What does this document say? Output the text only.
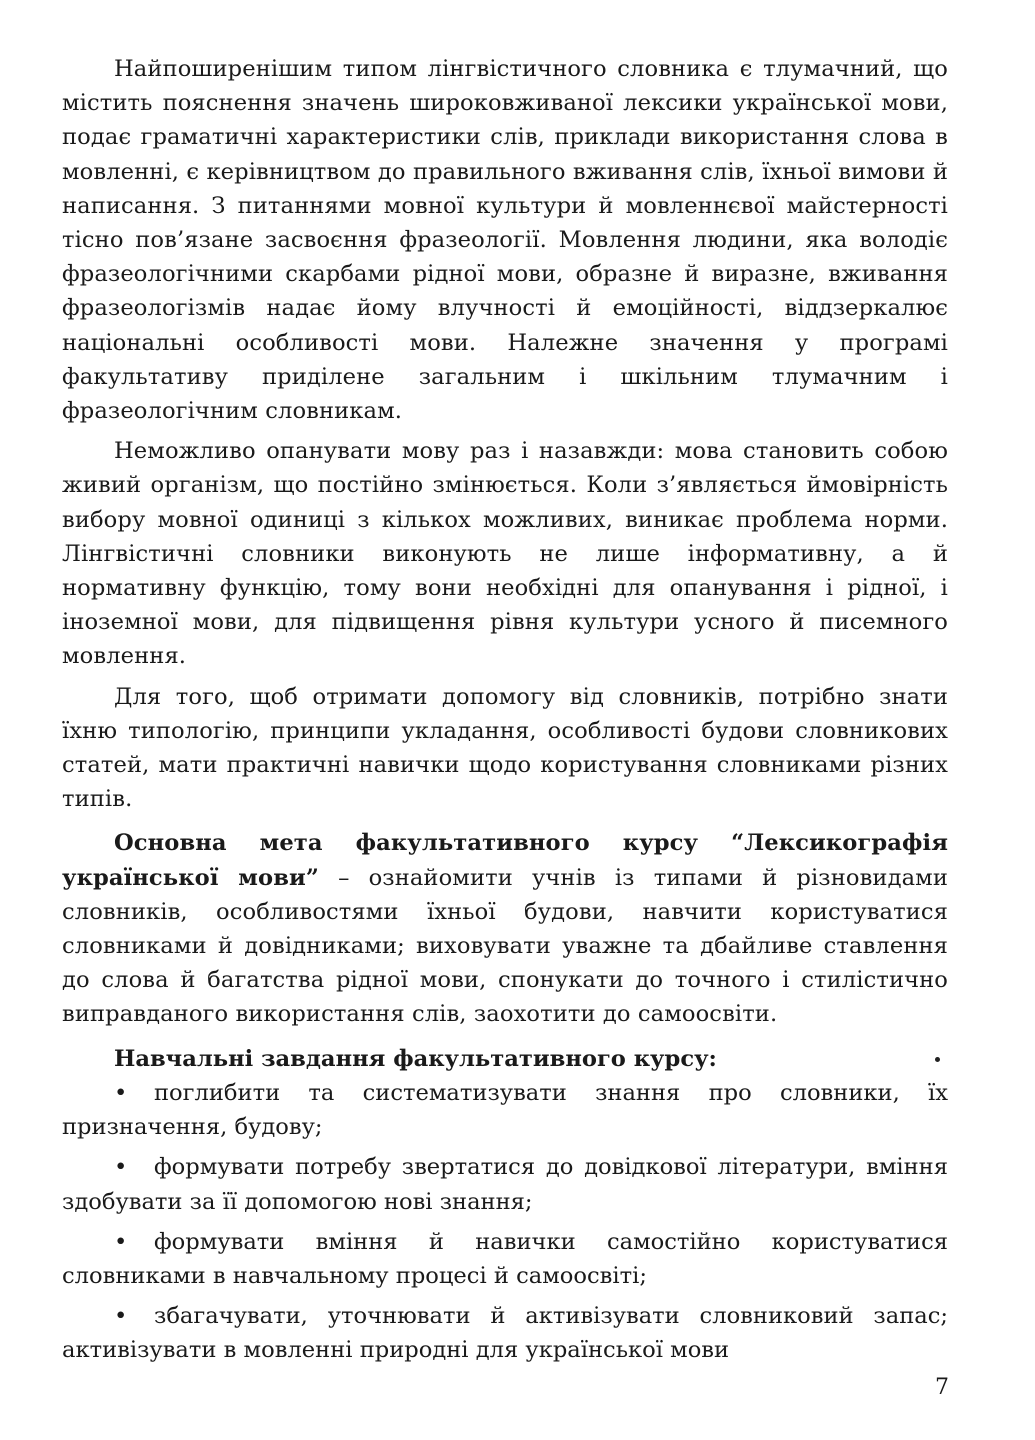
Найпоширенішим типом лінгвістичного словника є тлумачний, що містить пояснення значень широковживаної лексики української мови, подає граматичні характеристики слів, приклади використання слова в мовленні, є керівництвом до правильного вживання слів, їхньої вимови й написання. З питаннями мовної культури й мовленнєвої майстерності тісно пов’язане засвоєння фразеології. Мовлення людини, яка володіє фразеологічними скарбами рідної мови, образне й виразне, вживання фразеологізмів надає йому влучності й емоційності, віддзеркалює національні особливості мови. Належне значення у програмі факультативу приділене загальним і шкільним тлумачним і фразеологічним словникам.

Неможливо опанувати мову раз і назавжди: мова становить собою живий організм, що постійно змінюється. Коли з’являється ймовірність вибору мовної одиниці з кількох можливих, виникає проблема норми. Лінгвістичні словники виконують не лише інформативну, а й нормативну функцію, тому вони необхідні для опанування і рідної, і іноземної мови, для підвищення рівня культури усного й писемного мовлення.

Для того, щоб отримати допомогу від словників, потрібно знати їхню типологію, принципи укладання, особливості будови словникових статей, мати практичні навички щодо користування словниками різних типів.

Основна мета факультативного курсу “Лексикографія української мови” – ознайомити учнів із типами й різновидами словників, особливостями їхньої будови, навчити користуватися словниками й довідниками; виховувати уважне та дбайливе ставлення до слова й багатства рідної мови, спонукати до точного і стилістично виправданого використання слів, заохотити до самоосвіти.

Навчальні завдання факультативного курсу:

• поглибити та систематизувати знання про словники, їх призначення, будову;
• формувати потребу звертатися до довідкової літератури, вміння здобувати за її допомогою нові знання;
• формувати вміння й навички самостійно користуватися словниками в навчальному процесі й самоосвіті;
• збагачувати, уточнювати й активізувати словниковий запас; активізувати в мовленні природні для української мови
7
